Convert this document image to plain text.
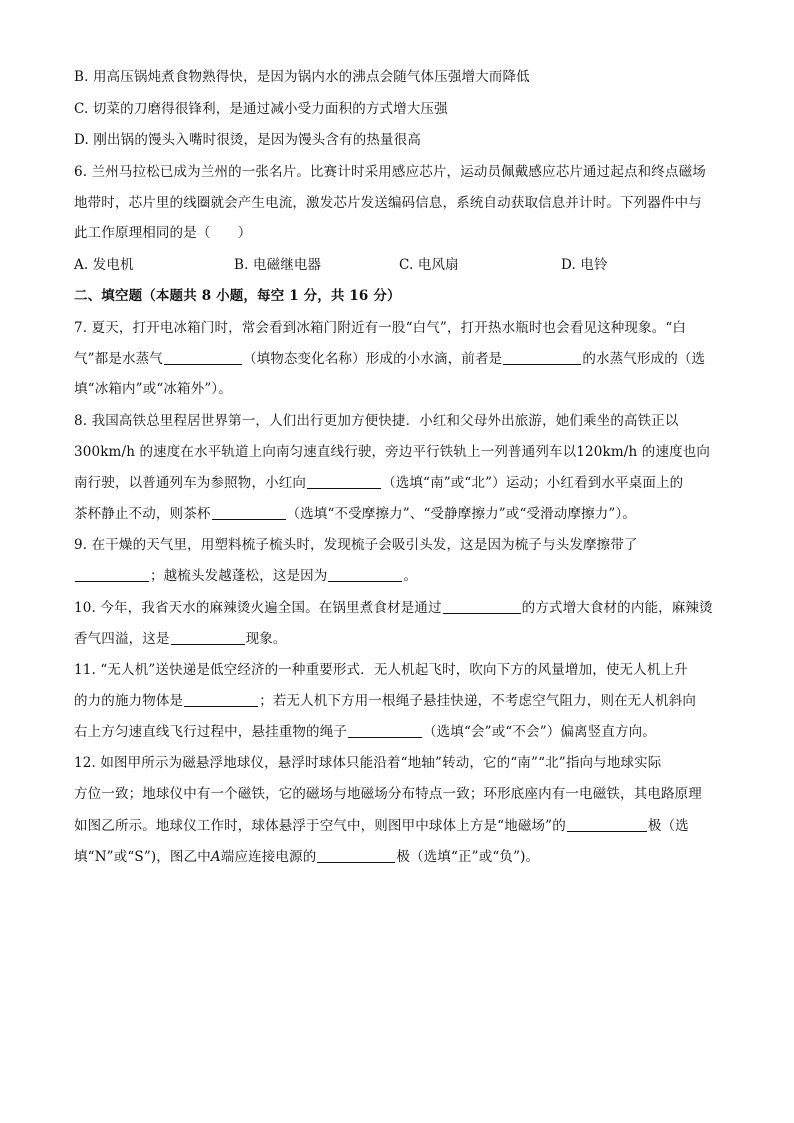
B. 用高压锅炖煮食物熟得快，是因为锅内水的沸点会随气体压强增大而降低
C. 切菜的刀磨得很锋利，是通过减小受力面积的方式增大压强
D. 刚出锅的馒头入嘴时很烫，是因为馒头含有的热量很高
6. 兰州马拉松已成为兰州的一张名片。比赛计时采用感应芯片，运动员佩戴感应芯片通过起点和终点磁场
地带时，芯片里的线圈就会产生电流，激发芯片发送编码信息，系统自动获取信息并计时。下列器件中与
此工作原理相同的是（　　）
A. 发电机	B. 电磁继电器	C. 电风扇	D. 电铃
二、填空题（本题共 8 小题，每空 1 分，共 16 分）
7. 夏天，打开电冰箱门时，常会看到冰箱门附近有一股“白气”，打开热水瓶时也会看见这种现象。“白
气”都是水蒸气	（填物态变化名称）形成的小水滴，前者是	的水蒸气形成的（选
填“冰箱内”或“冰箱外”）。
8. 我国高铁总里程居世界第一，人们出行更加方便快捷．小红和父母外出旅游，她们乘坐的高铁正以
300km/h 的速度在水平轨道上向南匀速直线行驶，旁边平行铁轨上一列普通列车以120km/h 的速度也向
南行驶，以普通列车为参照物，小红向	（选填“南”或“北”）运动；小红看到水平桌面上的
茶杯静止不动，则茶杯	（选填“不受摩擦力”、“受静摩擦力”或“受滑动摩擦力”）。
9. 在干燥的天气里，用塑料梳子梳头时，发现梳子会吸引头发，这是因为梳子与头发摩擦带了
；越梳头发越蓬松，这是因为	。
10. 今年，我省天水的麻辣烫火遍全国。在锅里煮食材是通过	的方式增大食材的内能，麻辣烫
香气四溢，这是	现象。
11. “无人机”送快递是低空经济的一种重要形式．无人机起飞时，吹向下方的风量增加，使无人机上升
的力的施力物体是	；若无人机下方用一根绳子悬挂快递，不考虑空气阻力，则在无人机斜向
右上方匀速直线飞行过程中，悬挂重物的绳子	（选填“会”或“不会”）偏离竖直方向。
12. 如图甲所示为磁悬浮地球仪，悬浮时球体只能沿着“地轴”转动，它的“南”“北”指向与地球实际
方位一致；地球仪中有一个磁铁，它的磁场与地磁场分布特点一致；环形底座内有一电磁铁，其电路原理
如图乙所示。地球仪工作时，球体悬浮于空气中，则图甲中球体上方是“地磁场”的	极（选
填“N”或“S”)，图乙中A端应连接电源的	极（选填“正”或“负”)。
